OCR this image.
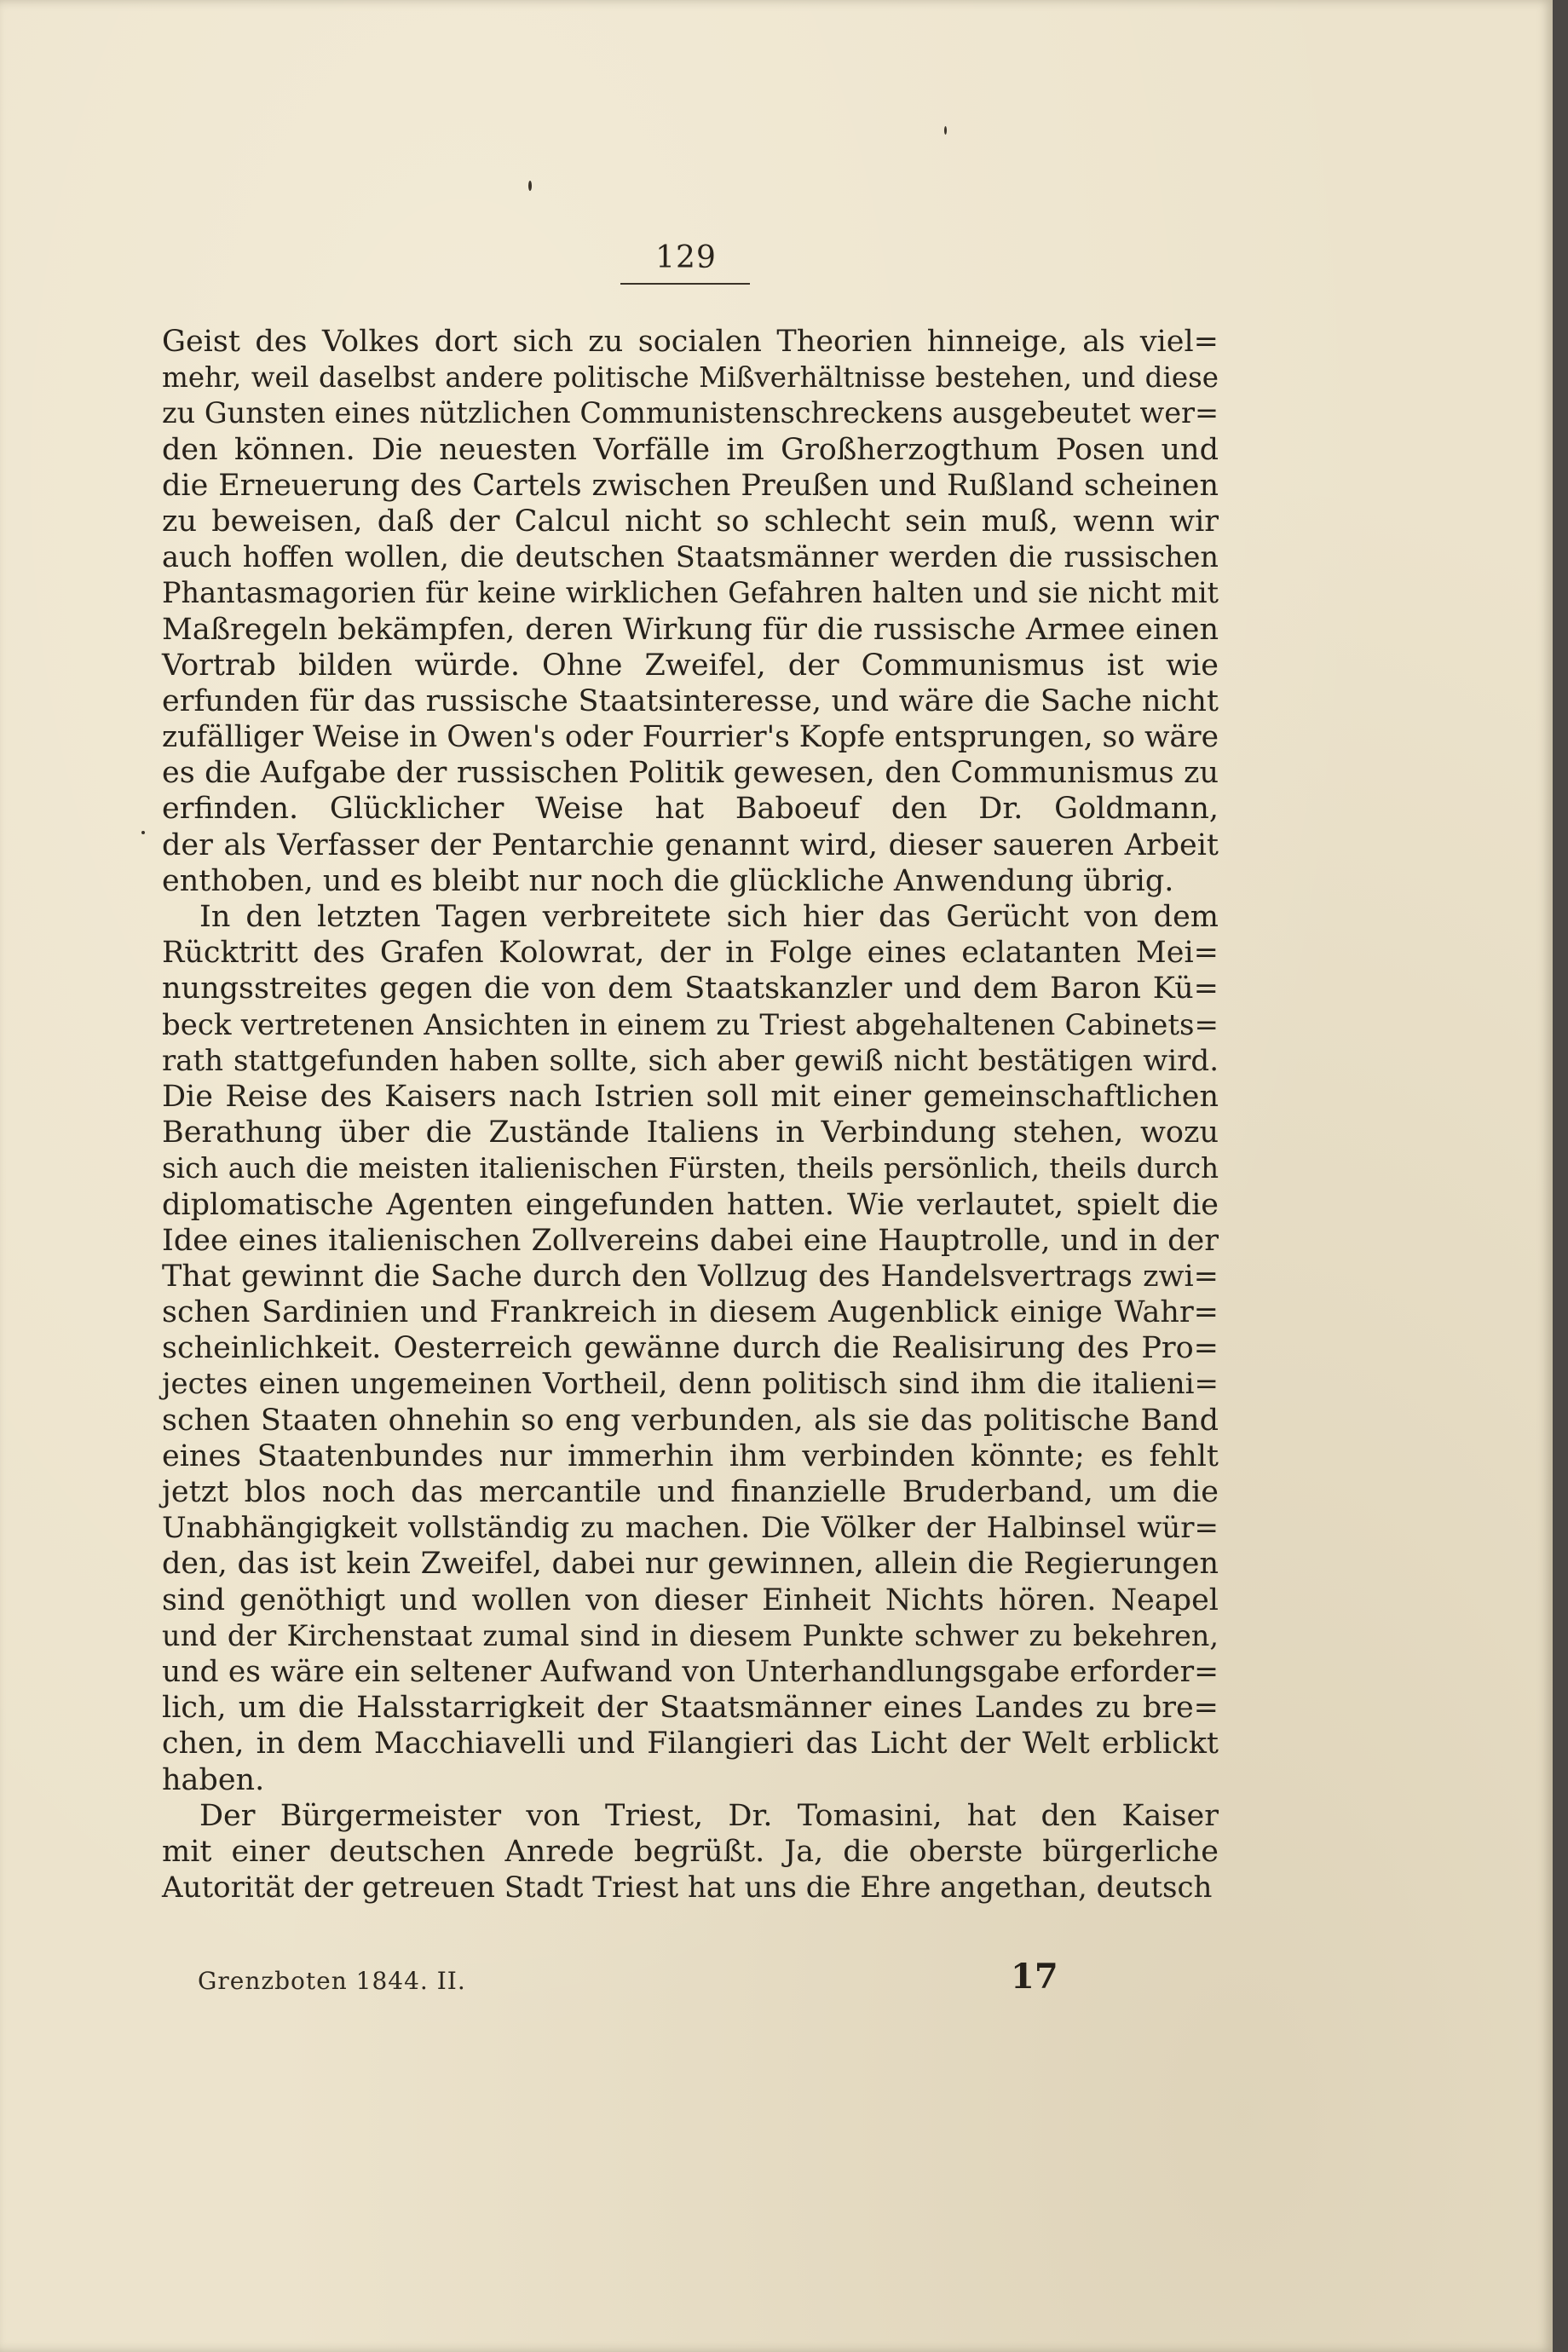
129
Geist des Volkes dort sich zu socialen Theorien hinneige, als viel=
mehr, weil daselbst andere politische Mißverhältnisse bestehen, und diese
zu Gunsten eines nützlichen Communistenschreckens ausgebeutet wer=
den können. Die neuesten Vorfälle im Großherzogthum Posen und
die Erneuerung des Cartels zwischen Preußen und Rußland scheinen
zu beweisen, daß der Calcul nicht so schlecht sein muß, wenn wir
auch hoffen wollen, die deutschen Staatsmänner werden die russischen
Phantasmagorien für keine wirklichen Gefahren halten und sie nicht mit
Maßregeln bekämpfen, deren Wirkung für die russische Armee einen
Vortrab bilden würde. Ohne Zweifel, der Communismus ist wie
erfunden für das russische Staatsinteresse, und wäre die Sache nicht
zufälliger Weise in Owen's oder Fourrier's Kopfe entsprungen, so wäre
es die Aufgabe der russischen Politik gewesen, den Communismus zu
erfinden. Glücklicher Weise hat Baboeuf den Dr. Goldmann,
der als Verfasser der Pentarchie genannt wird, dieser saueren Arbeit
enthoben, und es bleibt nur noch die glückliche Anwendung übrig.
In den letzten Tagen verbreitete sich hier das Gerücht von dem
Rücktritt des Grafen Kolowrat, der in Folge eines eclatanten Mei=
nungsstreites gegen die von dem Staatskanzler und dem Baron Kü=
beck vertretenen Ansichten in einem zu Triest abgehaltenen Cabinets=
rath stattgefunden haben sollte, sich aber gewiß nicht bestätigen wird.
Die Reise des Kaisers nach Istrien soll mit einer gemeinschaftlichen
Berathung über die Zustände Italiens in Verbindung stehen, wozu
sich auch die meisten italienischen Fürsten, theils persönlich, theils durch
diplomatische Agenten eingefunden hatten. Wie verlautet, spielt die
Idee eines italienischen Zollvereins dabei eine Hauptrolle, und in der
That gewinnt die Sache durch den Vollzug des Handelsvertrags zwi=
schen Sardinien und Frankreich in diesem Augenblick einige Wahr=
scheinlichkeit. Oesterreich gewänne durch die Realisirung des Pro=
jectes einen ungemeinen Vortheil, denn politisch sind ihm die italieni=
schen Staaten ohnehin so eng verbunden, als sie das politische Band
eines Staatenbundes nur immerhin ihm verbinden könnte; es fehlt
jetzt blos noch das mercantile und finanzielle Bruderband, um die
Unabhängigkeit vollständig zu machen. Die Völker der Halbinsel wür=
den, das ist kein Zweifel, dabei nur gewinnen, allein die Regierungen
sind genöthigt und wollen von dieser Einheit Nichts hören. Neapel
und der Kirchenstaat zumal sind in diesem Punkte schwer zu bekehren,
und es wäre ein seltener Aufwand von Unterhandlungsgabe erforder=
lich, um die Halsstarrigkeit der Staatsmänner eines Landes zu bre=
chen, in dem Macchiavelli und Filangieri das Licht der Welt erblickt
haben.
Der Bürgermeister von Triest, Dr. Tomasini, hat den Kaiser
mit einer deutschen Anrede begrüßt. Ja, die oberste bürgerliche
Autorität der getreuen Stadt Triest hat uns die Ehre angethan, deutsch
Grenzboten 1844. II.	17
